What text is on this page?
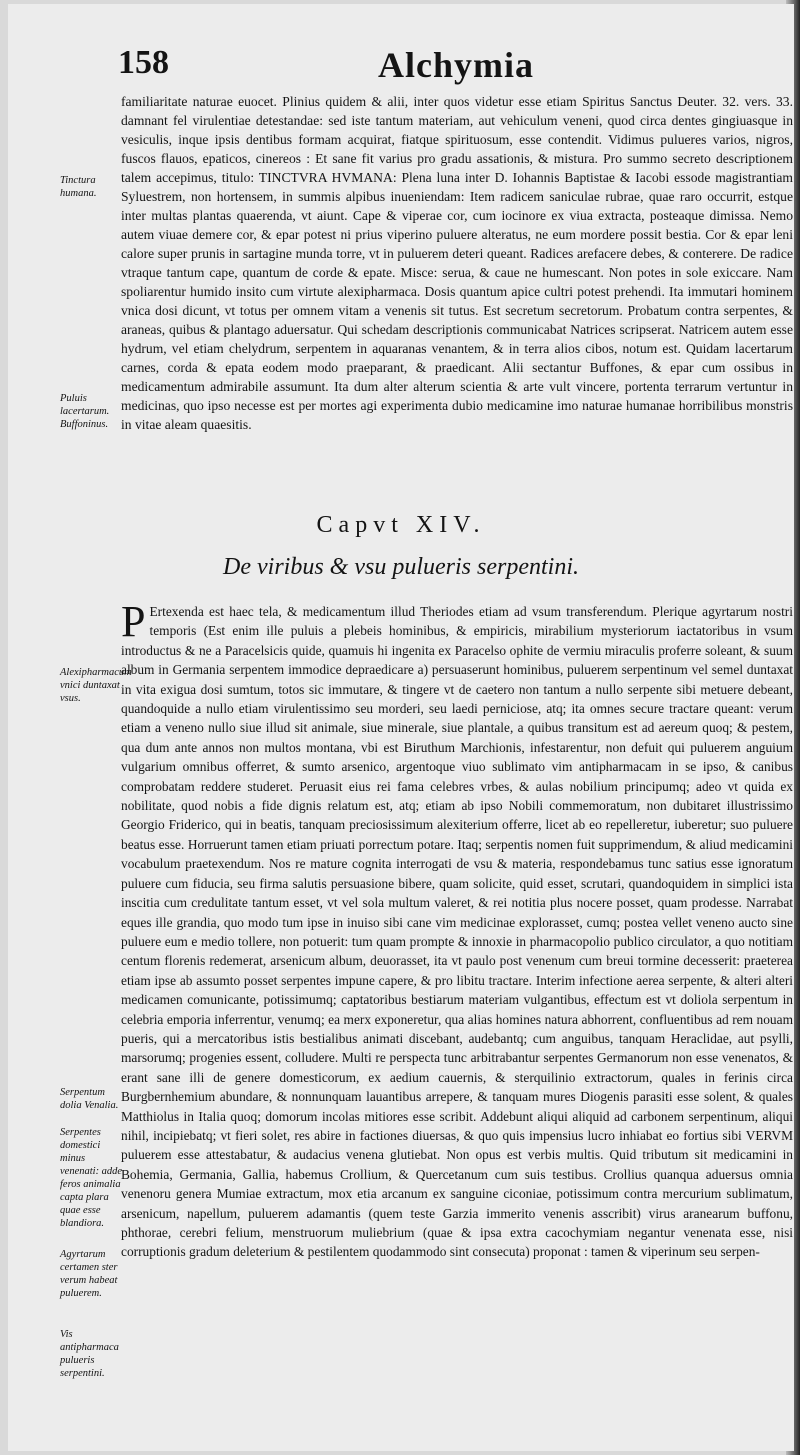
158	Alchymia
Tinctura humana.
Puluis lacertarum. Buffoninus.
Alexipharmacum vnici duntaxat vsus.
Serpentum dolia Venalia.
Serpentes domestici minus venenati: adde feros animalia capta plara quae esse blandiora.
Agyrtarum certamen ster verum habeat puluerem.
Vis antipharmaca pulueris serpentini.

familiaritate naturae euocet. Plinius quidem & alii, inter quos videtur esse etiam Spiritus Sanctus Deuter. 32. vers. 33. damnant fel virulentiae detestandae: sed iste tantum materiam, aut vehiculum veneni, quod circa dentes gingiuasque in vesiculis, inque ipsis dentibus formam acquirat, fiatque spirituosum, esse contendit. Vidimus pulueres varios, nigros, fuscos flauos, epaticos, cinereos : Et sane fit varius pro gradu assationis, & mistura. Pro summo secreto descriptionem talem accepimus, titulo: TINCTVRA HVMANA: Plena luna inter D. Iohannis Baptistae & Iacobi essode magistrantiam Syluestrem, non hortensem, in summis alpibus inueniendam: Item radicem saniculae rubrae, quae raro occurrit, estque inter multas plantas quaerenda, vt aiunt. Cape & viperae cor, cum iocinore ex viua extracta, posteaque dimissa. Nemo autem viuae demere cor, & epar potest ni prius viperino puluere alteratus, ne eum mordere possit bestia. Cor & epar leni calore super prunis in sartagine munda torre, vt in puluerem deteri queant. Radices arefacere debes, & conterere. De radice vtraque tantum cape, quantum de corde & epate. Misce: serua, & caue ne humescant. Non potes in sole exiccare. Nam spoliarentur humido insito cum virtute alexipharmaca. Dosis quantum apice cultri potest prehendi. Ita immutari hominem vnica dosi dicunt, vt totus per omnem vitam a venenis sit tutus. Est secretum secretorum. Probatum contra serpentes, & araneas, quibus & plantago aduersatur. Qui schedam descriptionis communicabat Natrices scripserat. Natricem autem esse hydrum, vel etiam chelydrum, serpentem in aquaranas venantem, & in terra alios cibos, notum est. Quidam lacertarum carnes, corda & epata eodem modo praeparant, & praedicant. Alii sectantur Buffones, & epar cum ossibus in medicamentum admirabile assumunt. Ita dum alter alterum scientia & arte vult vincere, portenta terrarum vertuntur in medicinas, quo ipso necesse est per mortes agi experimenta dubio medicamine imo naturae humanae horribilibus monstris in vitae aleam quaesitis.

Capvt XIV.
De viribus & vsu pulueris serpentini.
P Ertexenda est haec tela, & medicamentum illud Theriodes etiam ad vsum transferendum. Plerique agyrtarum nostri temporis (Est enim ille puluis a plebeis hominibus, & empiricis, mirabilium mysteriorum iactatoribus in vsum introductus & ne a Paracelsicis quide, quamuis hi ingenita ex Paracelso ophite de vermiu miraculis proferre soleant, & suum album in Germania serpentem immodice depraedicare a) persuaserunt hominibus, puluerem serpentinum vel semel duntaxat in vita exigua dosi sumtum, totos sic immutare, & tingere vt de caetero non tantum a nullo serpente sibi metuere debeant, quandoquide a nullo etiam virulentissimo seu morderi, seu laedi perniciose, atq; ita omnes secure tractare queant: verum etiam a veneno nullo siue illud sit animale, siue minerale, siue plantale, a quibus transitum est ad aereum quoq; & pestem, qua dum ante annos non multos montana, vbi est Biruthum Marchionis, infestarentur, non defuit qui puluerem anguium vulgarium omnibus offerret, & sumto arsenico, argentoque viuo sublimato vim antipharmacam in se ipso, & canibus comprobatam reddere studeret. Peruasit eius rei fama celebres vrbes, & aulas nobilium principumq; adeo vt quida ex nobilitate, quod nobis a fide dignis relatum est, atq; etiam ab ipso Nobili commemoratum, non dubitaret illustrissimo Georgio Friderico, qui in beatis, tanquam preciosissimum alexiterium offerre, licet ab eo repelleretur, iuberetur; suo puluere beatus esse. Horruerunt tamen etiam priuati porrectum potare. Itaq; serpentis nomen fuit supprimendum, & aliud medicamini vocabulum praetexendum. Nos re mature cognita interrogati de vsu & materia, respondebamus tunc satius esse ignoratum puluere cum fiducia, seu firma salutis persuasione bibere, quam solicite, quid esset, scrutari, quandoquidem in simplici ista inscitia cum credulitate tantum esset, vt vel sola multum valeret, & rei notitia plus nocere posset, quam prodesse. Narrabat eques ille grandia, quo modo tum ipse in inuiso sibi cane vim medicinae explorasset, cumq; postea vellet veneno aucto sine puluere eum e medio tollere, non potuerit: tum quam prompte & innoxie in pharmacopolio publico circulator, a quo notitiam centum florenis redemerat, arsenicum album, deuorasset, ita vt paulo post venenum cum breui tormine decesserit: praeterea etiam ipse ab assumto posset serpentes impune capere, & pro libitu tractare. Interim infectione aerea serpente, & alteri alteri medicamen comunicante, potissimumq; captatoribus bestiarum materiam vulgantibus, effectum est vt doliola serpentum in celebria emporia inferrentur, venumq; ea merx exponeretur, qua alias homines natura abhorrent, confluentibus ad rem nouam pueris, qui a mercatoribus istis bestialibus animati discebant, audebantq; cum anguibus, tanquam Heraclidae, aut psylli, marsorumq; progenies essent, colludere. Multi re perspecta tunc arbitrabantur serpentes Germanorum non esse venenatos, & erant sane illi de genere domesticorum, ex aedium cauernis, & sterquilinio extractorum, quales in ferinis circa Burgbernhemium abundare, & nonnunquam lauantibus arrepere, & tanquam mures Diogenis parasiti esse solent, & quales Matthiolus in Italia quoq; domorum incolas mitiores esse scribit. Addebunt aliqui aliquid ad carbonem serpentinum, aliqui nihil, incipiebatq; vt fieri solet, res abire in factiones diuersas, & quo quis impensius lucro inhiabat eo fortius sibi VERVM puluerem esse attestabatur, & audacius venena glutiebat. Non opus est verbis multis. Quid tributum sit medicamini in Bohemia, Germania, Gallia, habemus Crollium, & Quercetanum cum suis testibus. Crollius quanqua aduersus omnia venenoru genera Mumiae extractum, mox etia arcanum ex sanguine ciconiae, potissimum contra mercurium sublimatum, arsenicum, napellum, puluerem adamantis (quem teste Garzia immerito venenis asscribit) virus aranearum buffonu, phthorae, cerebri felium, menstruorum muliebrium (quae & ipsa extra cacochymiam negantur venenata esse, nisi corruptionis gradum deleterium & pestilentem quodammodo sint consecuta) proponat : tamen & viperinum seu serpen-
